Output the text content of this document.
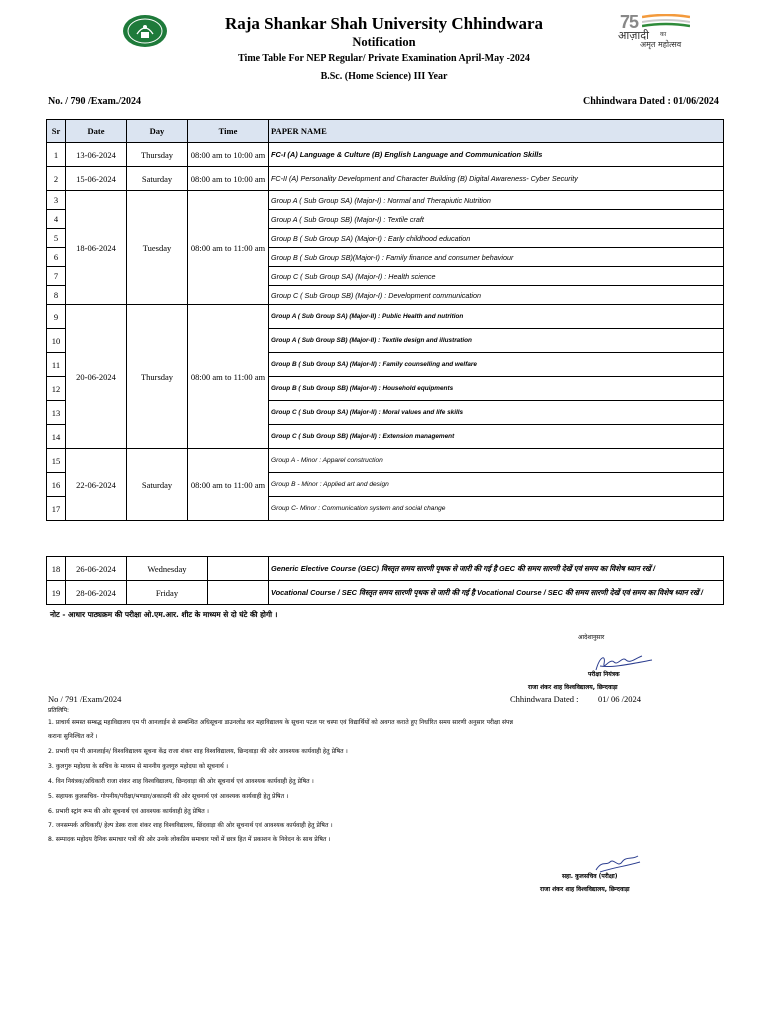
Raja Shankar Shah University Chhindwara
Notification
Time Table For NEP Regular/ Private Examination April-May -2024
B.Sc. (Home Science) III Year
75
आज़ादी का
अमृत महोत्सव
No. / 790 /Exam./2024	Chhindwara Dated : 01/06/2024
Sr	Date	Day	Time	PAPER NAME
1	13-06-2024	Thursday	08:00 am to 10:00 am	FC-I (A) Language & Culture (B) English Language and Communication Skills
2	15-06-2024	Saturday	08:00 am to 10:00 am	FC-II (A) Personality Development and Character Building (B) Digital Awareness- Cyber Security
3	18-06-2024	Tuesday	08:00 am to 11:00 am	Group A ( Sub Group SA) (Major-I) : Normal and Therapiutic Nutrition
4				Group A ( Sub Group SB) (Major-I) : Textile craft
5				Group B ( Sub Group SA) (Major-I) : Early childhood education
6				Group B ( Sub Group SB)(Major-I) : Family finance and consumer behaviour
7				Group C ( Sub Group SA) (Major-I) : Health science
8				Group C ( Sub Group SB) (Major-I) : Development communication
9	20-06-2024	Thursday	08:00 am to 11:00 am	Group A ( Sub Group SA) (Major-II) : Public Health and nutrition
10				Group A ( Sub Group SB) (Major-II) : Textile design and illustration
11				Group B ( Sub Group SA) (Major-II) : Family counselling and welfare
12				Group B ( Sub Group SB) (Major-II) : Household equipments
13				Group C ( Sub Group SA) (Major-II) : Moral values and life skills
14				Group C ( Sub Group SB) (Major-II) : Extension management
15	22-06-2024	Saturday	08:00 am to 11:00 am	Group A - Minor : Apparel construction
16				Group B - Minor : Applied art and design
17				Group C- Minor : Communication system and social change
18	26-06-2024	Wednesday		Generic Elective Course (GEC) विस्तृत समय सारणी पृथक से जारी की गई है GEC की समय सारणी देखें एवं समय का विशेष ध्यान रखें /
19	28-06-2024	Friday		Vocational Course / SEC विस्तृत समय सारणी पृथक से जारी की गई है Vocational Course / SEC की समय सारणी देखें एवं समय का विशेष ध्यान रखें /
नोट - आधार पाठ्यक्रम की परीक्षा ओ.एम.आर. शीट के माध्यम से दो घंटे की होगी ।
आदेशानुसार
परीक्षा नियंत्रक
राजा शंकर शाह विश्वविद्यालय, छिन्दवाड़ा
No / 791 /Exam/2024	Chhindwara Dated : 01/ 06 /2024
प्रतिलिपि:
1. प्राचार्य समस्त सम्बद्ध महाविद्यालय एम पी आनलाईन से सम्बन्धित अधिसूचना डाउनलोड कर महाविद्यालय के सूचना पटल पर चस्पा एवं विद्यार्थियों को अवगत कराते हुए निर्धारित समय सारणी अनुसार परीक्षा संपन्न
कराना सुनिश्चित करें ।
2. प्रभारी एम पी आनलाईन/ विश्वविद्यालय सूचना केंद्र राजा शंकर शाह विश्वविद्यालय, छिन्दवाड़ा की ओर आवश्यक कार्यवाही हेतु प्रेषित ।
3. कुलगुरु महोदया के सचिव के माध्यम से माननीय कुलगुरु महोदया को सूचनार्थ ।
4. विन नियंत्रक/अधिकारी राजा शंकर शाह विश्वविद्यालय, छिन्दवाड़ा की ओर सूचनार्थ एवं आवश्यक कार्यवाही हेतु प्रेषित ।
5. सहायक कुलसचिव- गोपनीय/परीक्षा/भण्डार/अकादमी की ओर सूचनार्थ एवं आवश्यक कार्यवाही हेतु प्रेषित ।
6. प्रभारी स्ट्रांग रूम की ओर सूचनार्थ एवं आवश्यक कार्यवाही हेतु प्रेषित ।
7. जनसम्पर्क अधिकारी/ हेल्प डेस्क राजा शंकर शाह विश्वविद्यालय, छिंदवाड़ा की ओर सूचनार्थ एवं आवश्यक कार्यवाही हेतु प्रेषित ।
8. सम्पादक महोदय दैनिक समाचार पत्रों की ओर उनके लोकप्रिय समाचार पत्रों में छात्र हित में प्रकाशन के निवेदन के साथ प्रेषित ।
सहा. कुलसचिव (परीक्षा)
राजा शंकर शाह विश्वविद्यालय, छिन्दवाड़ा
